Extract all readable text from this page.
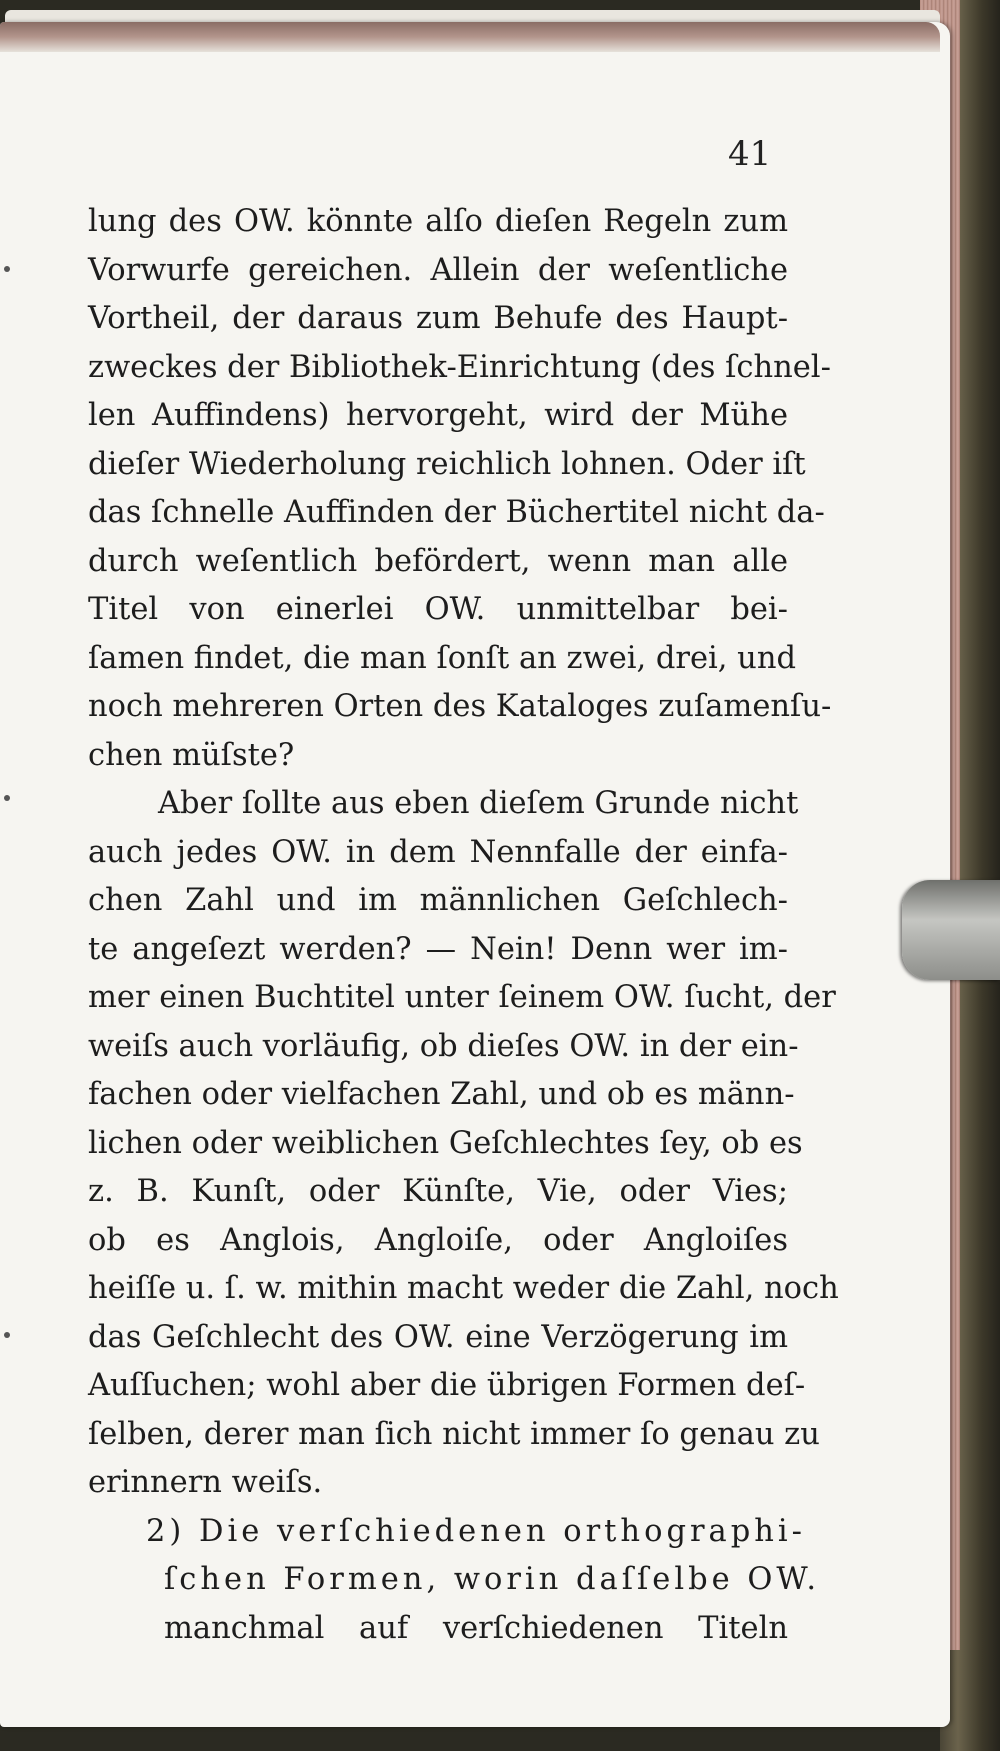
41
lung des OW. könnte alſo dieſen Regeln zum
Vorwurfe gereichen. Allein der weſentliche
Vortheil, der daraus zum Behufe des Haupt-
zweckes der Bibliothek-Einrichtung (des ſchnel-
len Auffindens) hervorgeht, wird der Mühe
dieſer Wiederholung reichlich lohnen. Oder iſt
das ſchnelle Auffinden der Büchertitel nicht da-
durch weſentlich befördert, wenn man alle
Titel von einerlei OW. unmittelbar bei-
ſamen findet, die man ſonſt an zwei, drei, und
noch mehreren Orten des Kataloges zuſamenſu-
chen müſste?
Aber ſollte aus eben dieſem Grunde nicht
auch jedes OW. in dem Nennfalle der einfa-
chen Zahl und im männlichen Geſchlech-
te angeſezt werden? — Nein! Denn wer im-
mer einen Buchtitel unter ſeinem OW. ſucht, der
weiſs auch vorläufig, ob dieſes OW. in der ein-
fachen oder vielfachen Zahl, und ob es männ-
lichen oder weiblichen Geſchlechtes ſey, ob es
z. B. Kunſt, oder Künſte, Vie, oder Vies;
ob es Anglois, Angloiſe, oder Angloiſes
heiſſe u. ſ. w. mithin macht weder die Zahl, noch
das Geſchlecht des OW. eine Verzögerung im
Auſſuchen; wohl aber die übrigen Formen deſ-
ſelben, derer man ſich nicht immer ſo genau zu
erinnern weiſs.
2) Die verſchiedenen orthographi-
ſchen Formen, worin daſſelbe OW.
manchmal auf verſchiedenen Titeln
